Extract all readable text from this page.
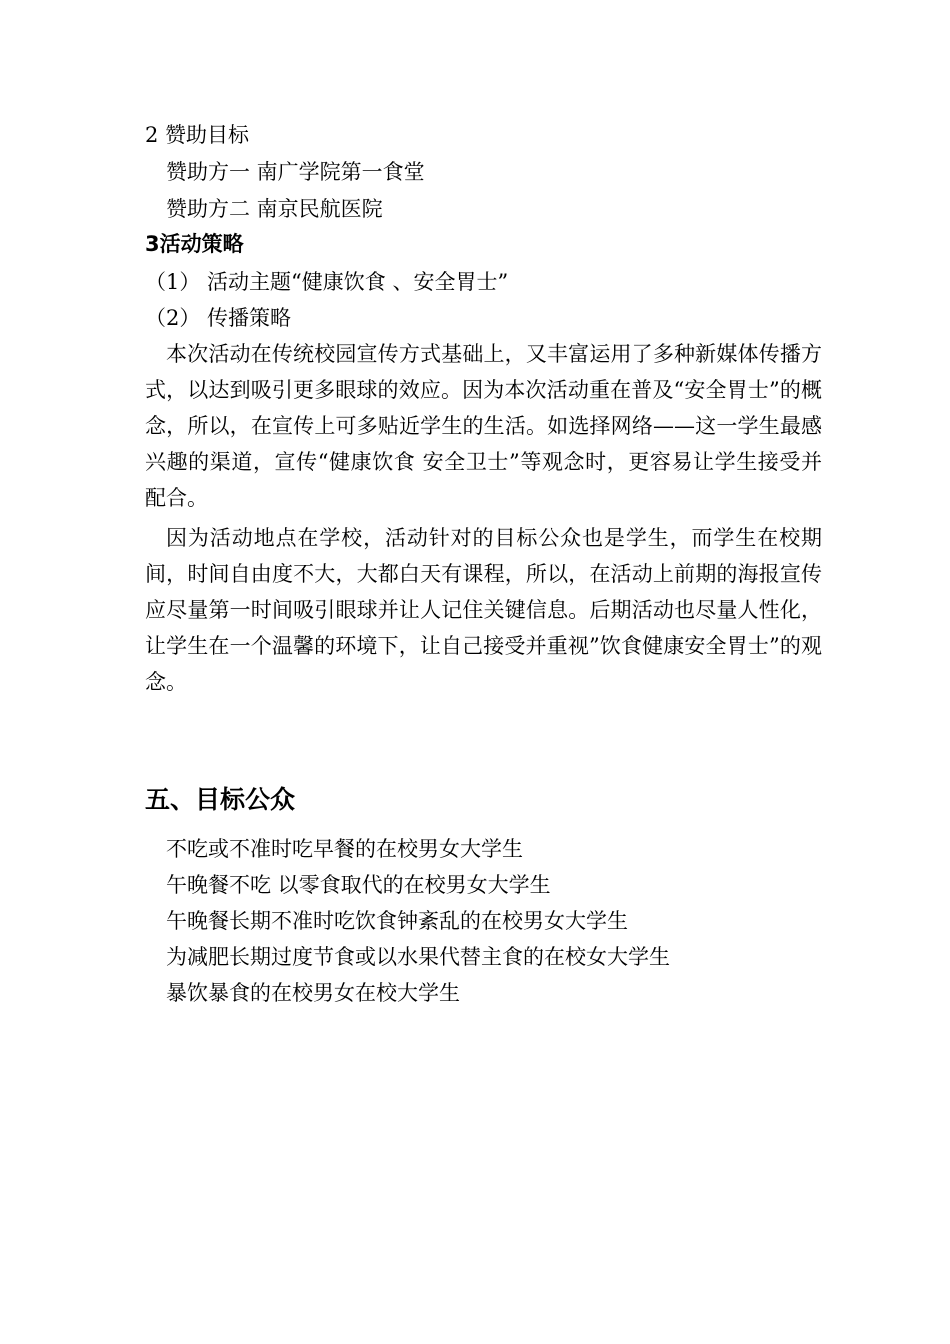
2 赞助目标
赞助方一 南广学院第一食堂
赞助方二 南京民航医院
3活动策略
（1） 活动主题“健康饮食 、安全胃士”
（2） 传播策略
本次活动在传统校园宣传方式基础上，又丰富运用了多种新媒体传播方式，以达到吸引更多眼球的效应。因为本次活动重在普及“安全胃士”的概念，所以，在宣传上可多贴近学生的生活。如选择网络——这一学生最感兴趣的渠道，宣传“健康饮食 安全卫士”等观念时，更容易让学生接受并配合。
因为活动地点在学校，活动针对的目标公众也是学生，而学生在校期间，时间自由度不大，大都白天有课程，所以，在活动上前期的海报宣传应尽量第一时间吸引眼球并让人记住关键信息。后期活动也尽量人性化，让学生在一个温馨的环境下，让自己接受并重视”饮食健康安全胃士”的观念。
五、目标公众
不吃或不准时吃早餐的在校男女大学生
午晚餐不吃 以零食取代的在校男女大学生
午晚餐长期不准时吃饮食钟紊乱的在校男女大学生
为减肥长期过度节食或以水果代替主食的在校女大学生
暴饮暴食的在校男女在校大学生
